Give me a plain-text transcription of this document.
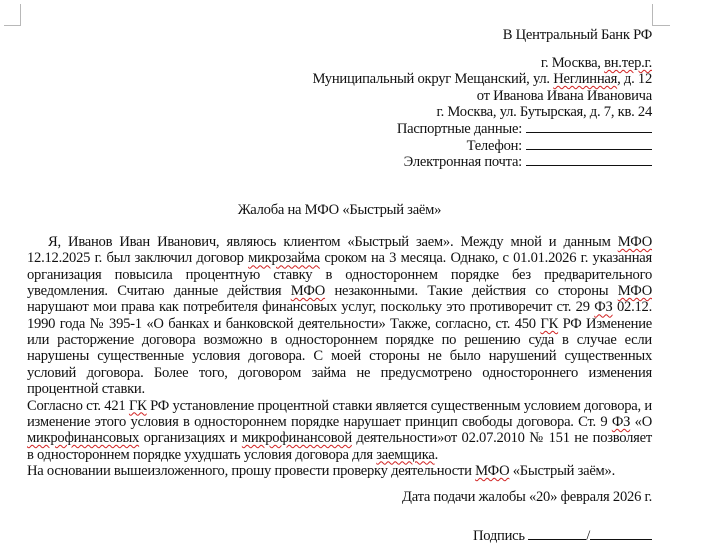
В Центральный Банк РФ
г. Москва, вн.тер.г.
Муниципальный округ Мещанский, ул. Неглинная, д. 12
от Иванова Ивана Ивановича
г. Москва, ул. Бутырская, д. 7, кв. 24
Паспортные данные:
Телефон:
Электронная почта:
Жалоба на МФО «Быстрый заём»
Я, Иванов Иван Иванович, являюсь клиентом «Быстрый заем». Между мной и данным МФО
12.12.2025 г. был заключил договор микрозайма сроком на 3 месяца. Однако, с 01.01.2026 г. указанная
организация повысила процентную ставку в одностороннем порядке без предварительного
уведомления. Считаю данные действия МФО незаконными. Такие действия со стороны МФО
нарушают мои права как потребителя финансовых услуг, поскольку это противоречит ст. 29 ФЗ 02.12.
1990 года № 395-1 «О банках и банковской деятельности» Также, согласно, ст. 450 ГК РФ Изменение
или расторжение договора возможно в одностороннем порядке по решению суда в случае если
нарушены существенные условия договора. С моей стороны не было нарушений существенных
условий договора. Более того, договором займа не предусмотрено одностороннего изменения
процентной ставки.
Согласно ст. 421 ГК РФ установление процентной ставки является существенным условием договора, и
изменение этого условия в одностороннем порядке нарушает принцип свободы договора. Ст. 9 ФЗ «О
микрофинансовых организациях и микрофинансовой деятельности»от 02.07.2010 № 151 не позволяет
в одностороннем порядке ухудшать условия договора для заемщика.
На основании вышеизложенного, прошу провести проверку деятельности МФО «Быстрый заём».
Дата подачи жалобы «20» февраля 2026 г.
Подпись	/
